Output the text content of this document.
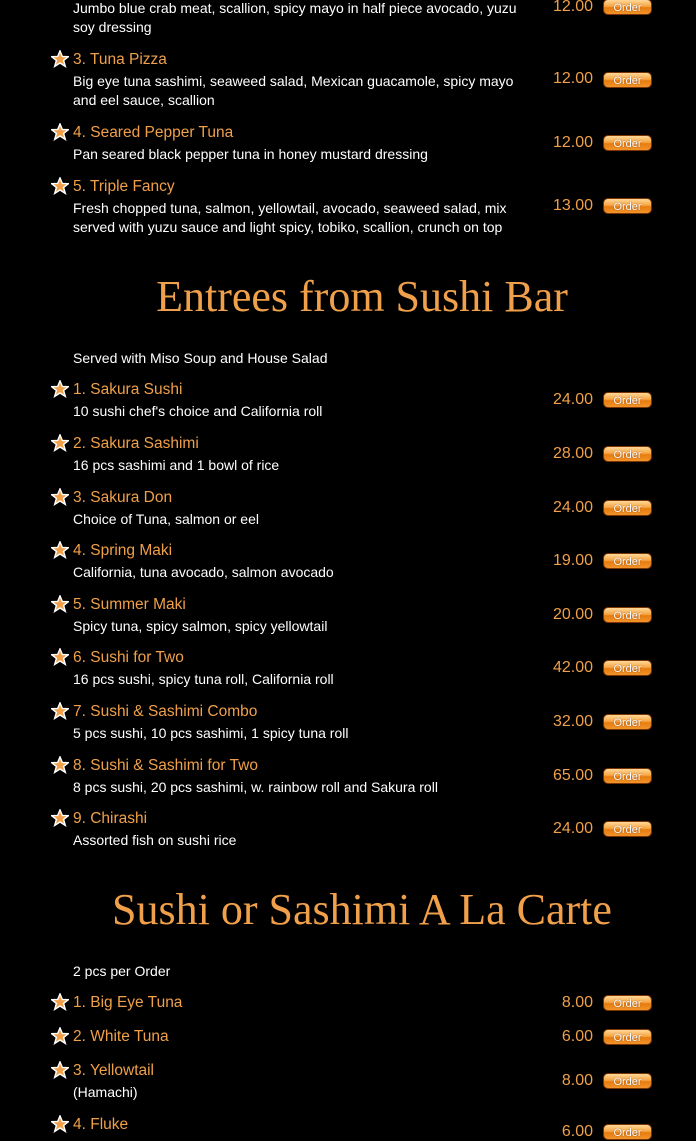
Jumbo blue crab meat, scallion, spicy mayo in half piece avocado, yuzu soy dressing
12.00	Order
3. Tuna Pizza
Big eye tuna sashimi, seaweed salad, Mexican guacamole, spicy mayo and eel sauce, scallion
12.00	Order
4. Seared Pepper Tuna
Pan seared black pepper tuna in honey mustard dressing
12.00	Order
5. Triple Fancy
Fresh chopped tuna, salmon, yellowtail, avocado, seaweed salad, mix served with yuzu sauce and light spicy, tobiko, scallion, crunch on top
13.00	Order
Entrees from Sushi Bar
Served with Miso Soup and House Salad
1. Sakura Sushi
10 sushi chef's choice and California roll
24.00	Order
2. Sakura Sashimi
16 pcs sashimi and 1 bowl of rice
28.00	Order
3. Sakura Don
Choice of Tuna, salmon or eel
24.00	Order
4. Spring Maki
California, tuna avocado, salmon avocado
19.00	Order
5. Summer Maki
Spicy tuna, spicy salmon, spicy yellowtail
20.00	Order
6. Sushi for Two
16 pcs sushi, spicy tuna roll, California roll
42.00	Order
7. Sushi & Sashimi Combo
5 pcs sushi, 10 pcs sashimi, 1 spicy tuna roll
32.00	Order
8. Sushi & Sashimi for Two
8 pcs sushi, 20 pcs sashimi, w. rainbow roll and Sakura roll
65.00	Order
9. Chirashi
Assorted fish on sushi rice
24.00	Order
Sushi or Sashimi A La Carte
2 pcs per Order
1. Big Eye Tuna	8.00	Order
2. White Tuna	6.00	Order
3. Yellowtail
(Hamachi)
8.00	Order
4. Fluke	6.00	Order
